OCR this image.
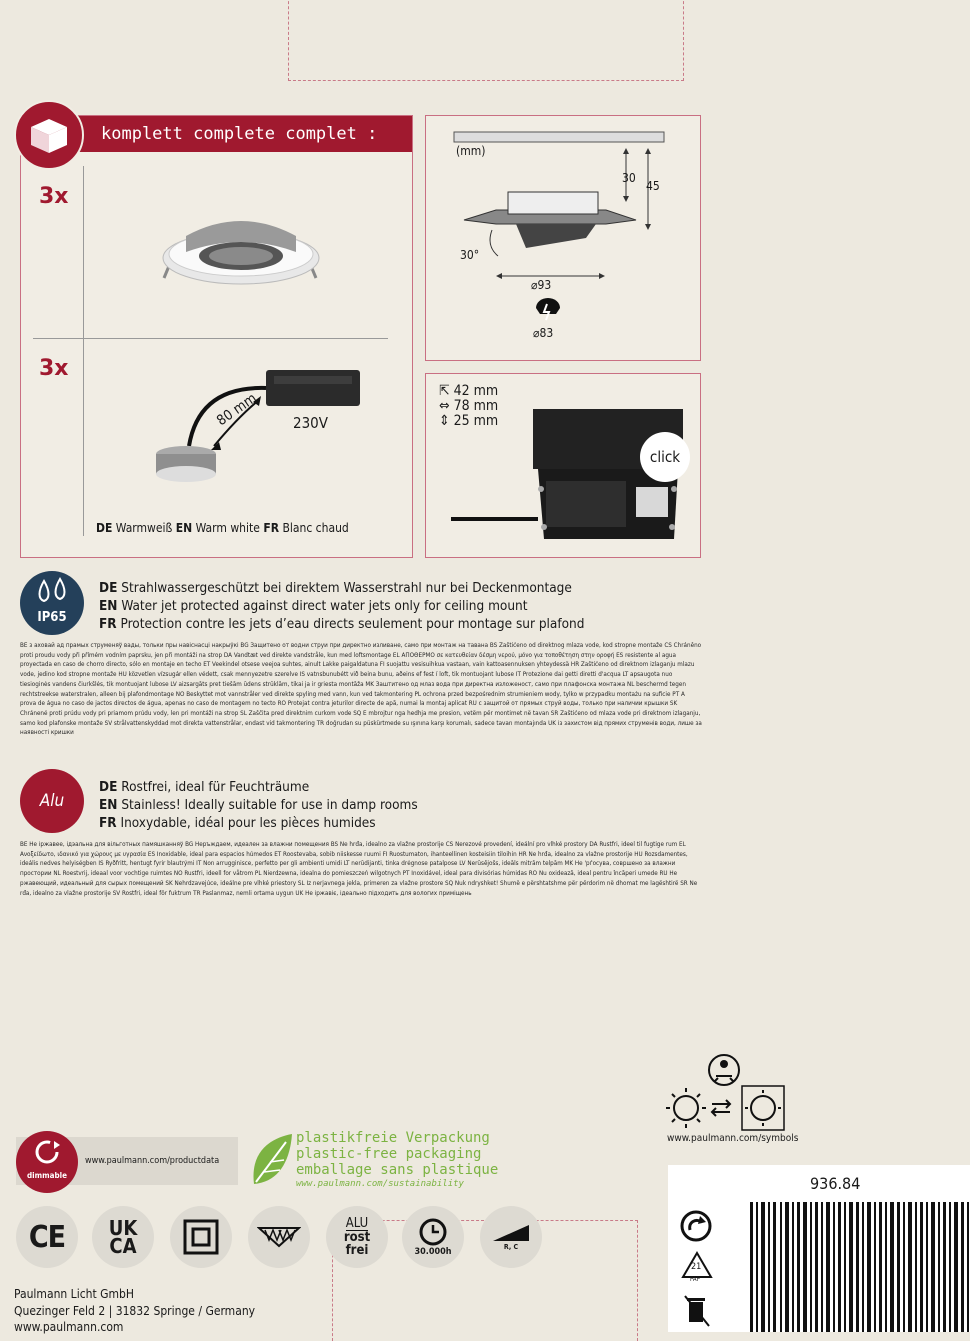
komplett complete complet :
3x
3x
80 mm 230V
DE Warmweiß EN Warm white FR Blanc chaud
(mm)
30
45
30°
⌀93
⌀83
⇱ 42 mm
⇔ 78 mm
⇕ 25 mm
click
IP65
DE Strahlwassergeschützt bei direktem Wasserstrahl nur bei Deckenmontage
EN Water jet protected against direct water jets only for ceiling mount
FR Protection contre les jets d’eau directs seulement pour montage sur plafond
BE з аховай ад прамых струменяў вады, тольки пры навіснасці накрыўкі BG Защитено от водни струи при директно изливане, само при монтаж на тавана BS Zaštićeno od direktnog mlaza vode, kod stropne montaže CS Chráněno proti proudu vody při přímém vodním paprsku, jen při montáži na strop DA Vandtæt ved direkte vandstråle, kun med loftsmontage EL ΑΠΟΘΕΡΜΟ σε κατευθείαν δέσμη νερού, μόνο για τοποθέτηση στην οροφή ES resistente al agua proyectada en caso de chorro directo, sólo en montaje en techo ET Veekindel otsese veejoa suhtes, ainult Lakke paigaldatuna FI suojattu vesisuihkua vastaan, vain kattoasennuksen yhteydessä HR Zaštićeno od direktnom izlaganju mlazu vode, jedino kod stropne montaže HU közvetlen vízsugár ellen védett, csak mennyezetre szerelve IS vatnsbunubétt við beina bunu, aðeins ef fest í loft, tik montuojant lubose IT Protezione dai getti diretti d'acqua LT apsaugota nuo tiesioginės vandens čiurkšlės, tik montuojant lubose LV aizsargāts pret tiešām ūdens strūklām, tikai ja ir griesta montāža MK Заштитено од млаз вода при директна изложеност, само при плафонска монтажа NL beschermd tegen rechtstreekse waterstralen, alleen bij plafondmontage NO Beskyttet mot vannstråler ved direkte spyling med vann, kun ved takmontering PL ochrona przed bezpośrednim strumieniem wody, tylko w przypadku montażu na suficie PT A prova de água no caso de jactos directos de água, apenas no caso de montagem no tecto RO Protejat contra jeturilor directe de apă, numai la montaj aplicat RU с защитой от прямых струй воды, только при наличии крышки SK Chránené proti prúdu vody pri priamom prúdu vody, len pri montáži na strop SL Zaščita pred direktnim curkom vode SQ E mbrojtur nga hedhja me presion, vetëm për montimet në tavan SR Zaštićeno od mlaza vode pri direktnom izlaganju, samo kod plafonske montaže SV strålvattenskyddad mot direkta vattenstrålar, endast vid takmontering TR doğrudan su püskürtmede su ışınına karşı korumalı, sadece tavan montajında UK із захистом від прямих струменів води, лише за наявності кришки
Alu
DE Rostfrei, ideal für Feuchträume
EN Stainless! Ideally suitable for use in damp rooms
FR Inoxydable, idéal pour les pièces humides
BE Не іржавее, ідэальна для вільготных памяшканняў BG Неръждаем, идеален за влажни помещения BS Ne hrđa, idealno za vlažne prostorije CS Nerezové provedení, ideální pro vlhké prostory DA Rustfri, ideel til fugtige rum EL Ανοξείδωτο, ιδανικό για χώρους με υγρασία ES Inoxidable, ideal para espacios húmedos ET Roostevaba, sobib niiskesse ruumi FI Ruostumaton, ihanteellinen kosteisiin tiloihin HR Ne hrđa, idealno za vlažne prostorije HU Rozsdamentes, ideális nedves helyiségben IS Ryðfritt, hentugt fyrir blautrými IT Non arrugginisce, perfetto per gli ambienti umidi LT nerūdijanti, tinka drėgnose patalpose LV Nerūsējošs, ideāls mitrām telpām MK Не 'рѓосува, совршено за влажни простории NL Roestvrij, ideaal voor vochtige ruimtes NO Rustfri, ideell for våtrom PL Nierdzewna, idealna do pomieszczeń wilgotnych PT Inoxidável, ideal para divisórias húmidas RO Nu oxidează, ideal pentru încăperi umede RU Не ржавеющий, идеальный для сырых помещений SK Nehrdzavejúce, ideálne pre vlhké priestory SL Iz nerjavnega jekla, primeren za vlažne prostore SQ Nuk ndryshket! Shumë e përshtatshme për përdorim në dhomat me lagështirë SR Ne rđa, idealno za vlažne prostorije SV Rostfri, ideal för fuktrum TR Paslanmaz, nemli ortama uygun UK Не іржавіє, ідеально підходить для вологих приміщень
dimmable
www.paulmann.com/productdata
plastikfreie Verpackung
plastic-free packaging
emballage sans plastique
www.paulmann.com/sustainability
www.paulmann.com/symbols
936.84
21
PAP
CE UK
CA
ALU
rost
frei	30.000h	R, C
Paulmann Licht GmbH
Quezinger Feld 2 | 31832 Springe / Germany
www.paulmann.com
